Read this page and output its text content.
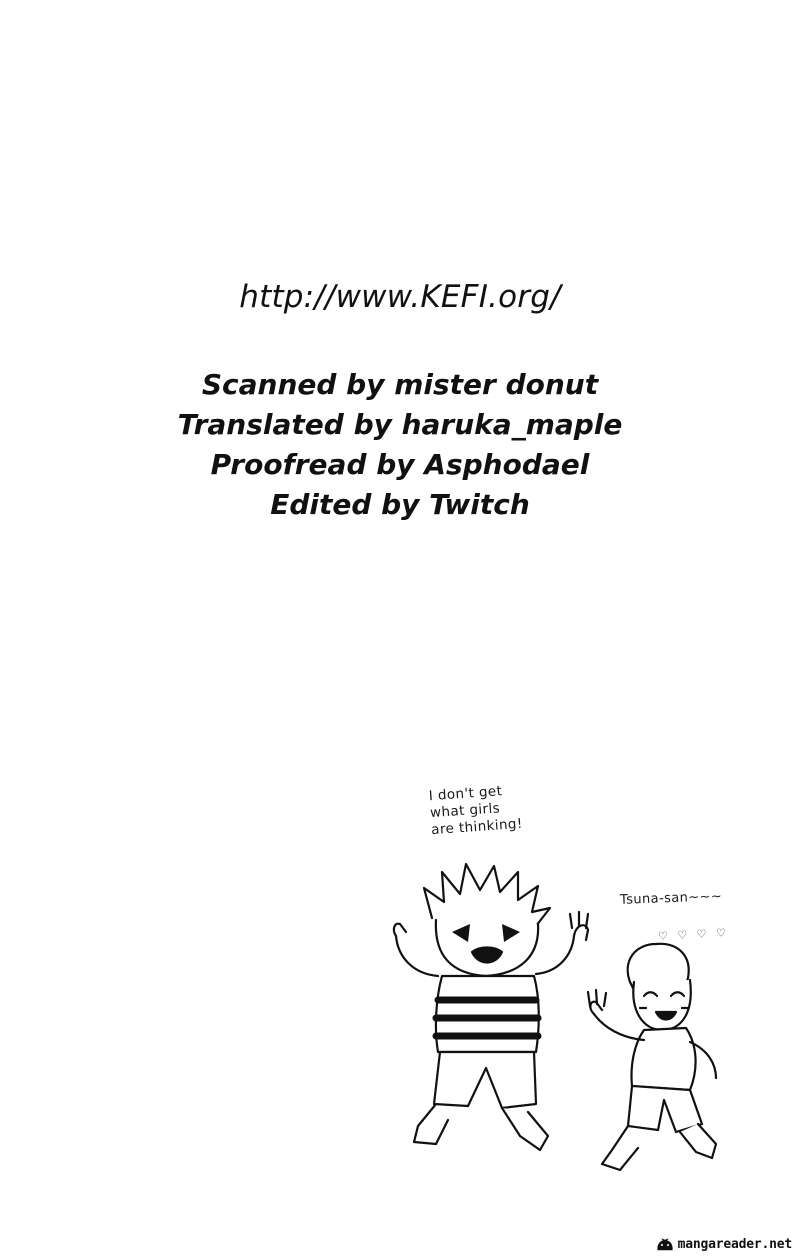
http://www.KEFI.org/
Scanned by mister donut
Translated by haruka_maple
Proofread by Asphodael
Edited by Twitch
I don't get
what girls
are thinking!
Tsuna-san~~~
♡ ♡ ♡ ♡
mangareader.net
